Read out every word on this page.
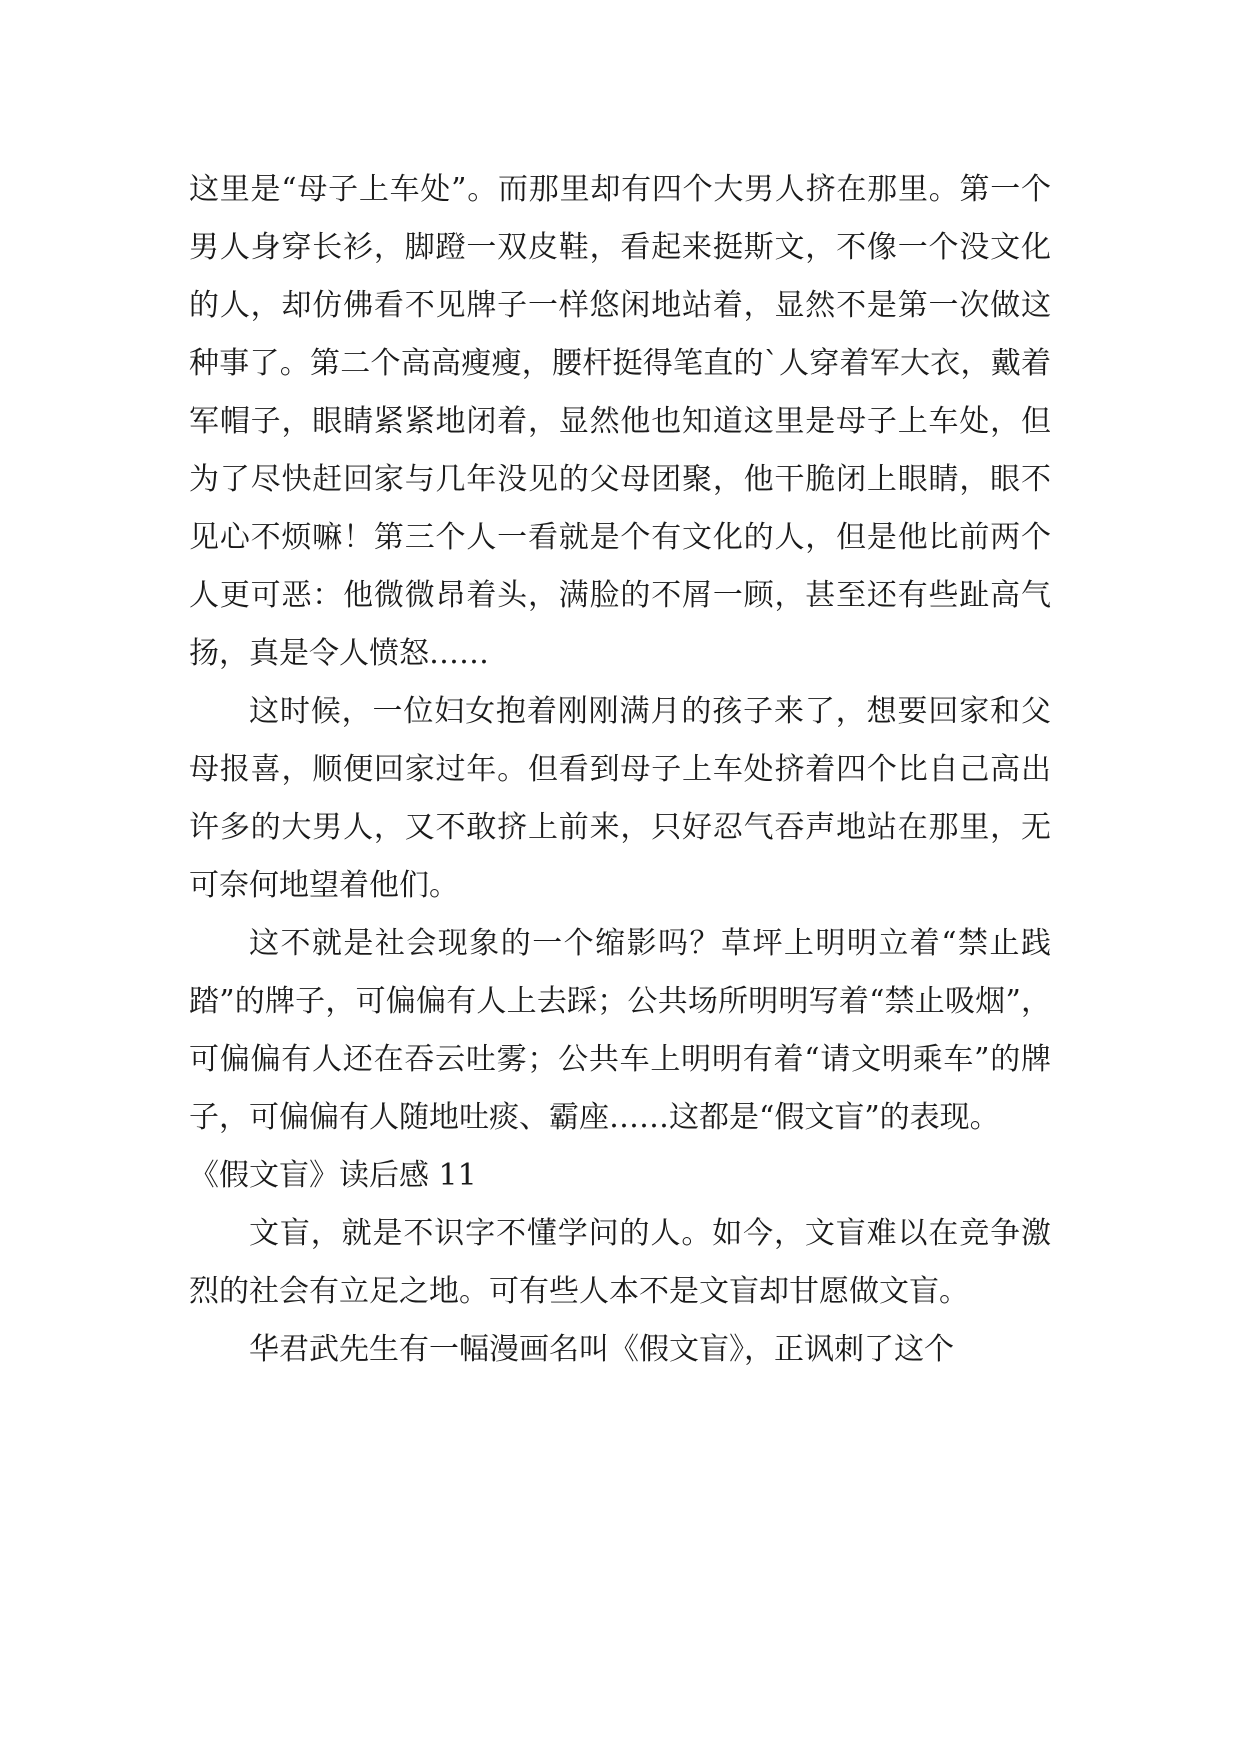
这里是“母子上车处”。而那里却有四个大男人挤在那里。第一个男人身穿长衫，脚蹬一双皮鞋，看起来挺斯文，不像一个没文化的人，却仿佛看不见牌子一样悠闲地站着，显然不是第一次做这种事了。第二个高高瘦瘦，腰杆挺得笔直的`人穿着军大衣，戴着军帽子，眼睛紧紧地闭着，显然他也知道这里是母子上车处，但为了尽快赶回家与几年没见的父母团聚，他干脆闭上眼睛，眼不见心不烦嘛！第三个人一看就是个有文化的人，但是他比前两个人更可恶：他微微昂着头，满脸的不屑一顾，甚至还有些趾高气扬，真是令人愤怒……

这时候，一位妇女抱着刚刚满月的孩子来了，想要回家和父母报喜，顺便回家过年。但看到母子上车处挤着四个比自己高出许多的大男人，又不敢挤上前来，只好忍气吞声地站在那里，无可奈何地望着他们。

这不就是社会现象的一个缩影吗？草坪上明明立着“禁止践踏”的牌子，可偏偏有人上去踩；公共场所明明写着“禁止吸烟”，可偏偏有人还在吞云吐雾；公共车上明明有着“请文明乘车”的牌子，可偏偏有人随地吐痰、霸座……这都是“假文盲”的表现。

《假文盲》读后感 11

文盲，就是不识字不懂学问的人。如今，文盲难以在竞争激烈的社会有立足之地。可有些人本不是文盲却甘愿做文盲。

华君武先生有一幅漫画名叫《假文盲》，正讽刺了这个
